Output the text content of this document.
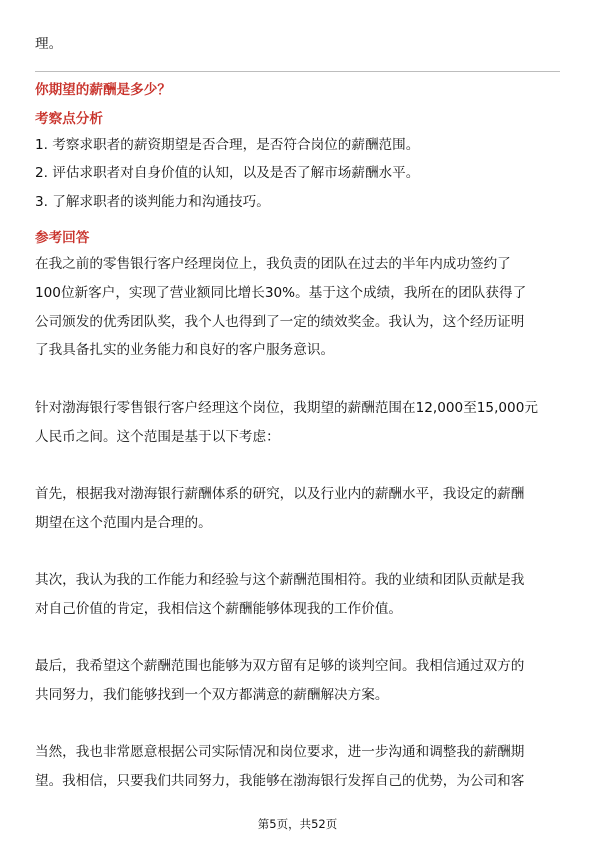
理。
你期望的薪酬是多少？
考察点分析
1. 考察求职者的薪资期望是否合理，是否符合岗位的薪酬范围。
2. 评估求职者对自身价值的认知，以及是否了解市场薪酬水平。
3. 了解求职者的谈判能力和沟通技巧。
参考回答
在我之前的零售银行客户经理岗位上，我负责的团队在过去的半年内成功签约了
100位新客户，实现了营业额同比增长30%。基于这个成绩，我所在的团队获得了
公司颁发的优秀团队奖，我个人也得到了一定的绩效奖金。我认为，这个经历证明
了我具备扎实的业务能力和良好的客户服务意识。
针对渤海银行零售银行客户经理这个岗位，我期望的薪酬范围在12,000至15,000元
人民币之间。这个范围是基于以下考虑：
首先，根据我对渤海银行薪酬体系的研究，以及行业内的薪酬水平，我设定的薪酬
期望在这个范围内是合理的。
其次，我认为我的工作能力和经验与这个薪酬范围相符。我的业绩和团队贡献是我
对自己价值的肯定，我相信这个薪酬能够体现我的工作价值。
最后，我希望这个薪酬范围也能够为双方留有足够的谈判空间。我相信通过双方的
共同努力，我们能够找到一个双方都满意的薪酬解决方案。
当然，我也非常愿意根据公司实际情况和岗位要求，进一步沟通和调整我的薪酬期
望。我相信，只要我们共同努力，我能够在渤海银行发挥自己的优势，为公司和客
第5页，共52页
